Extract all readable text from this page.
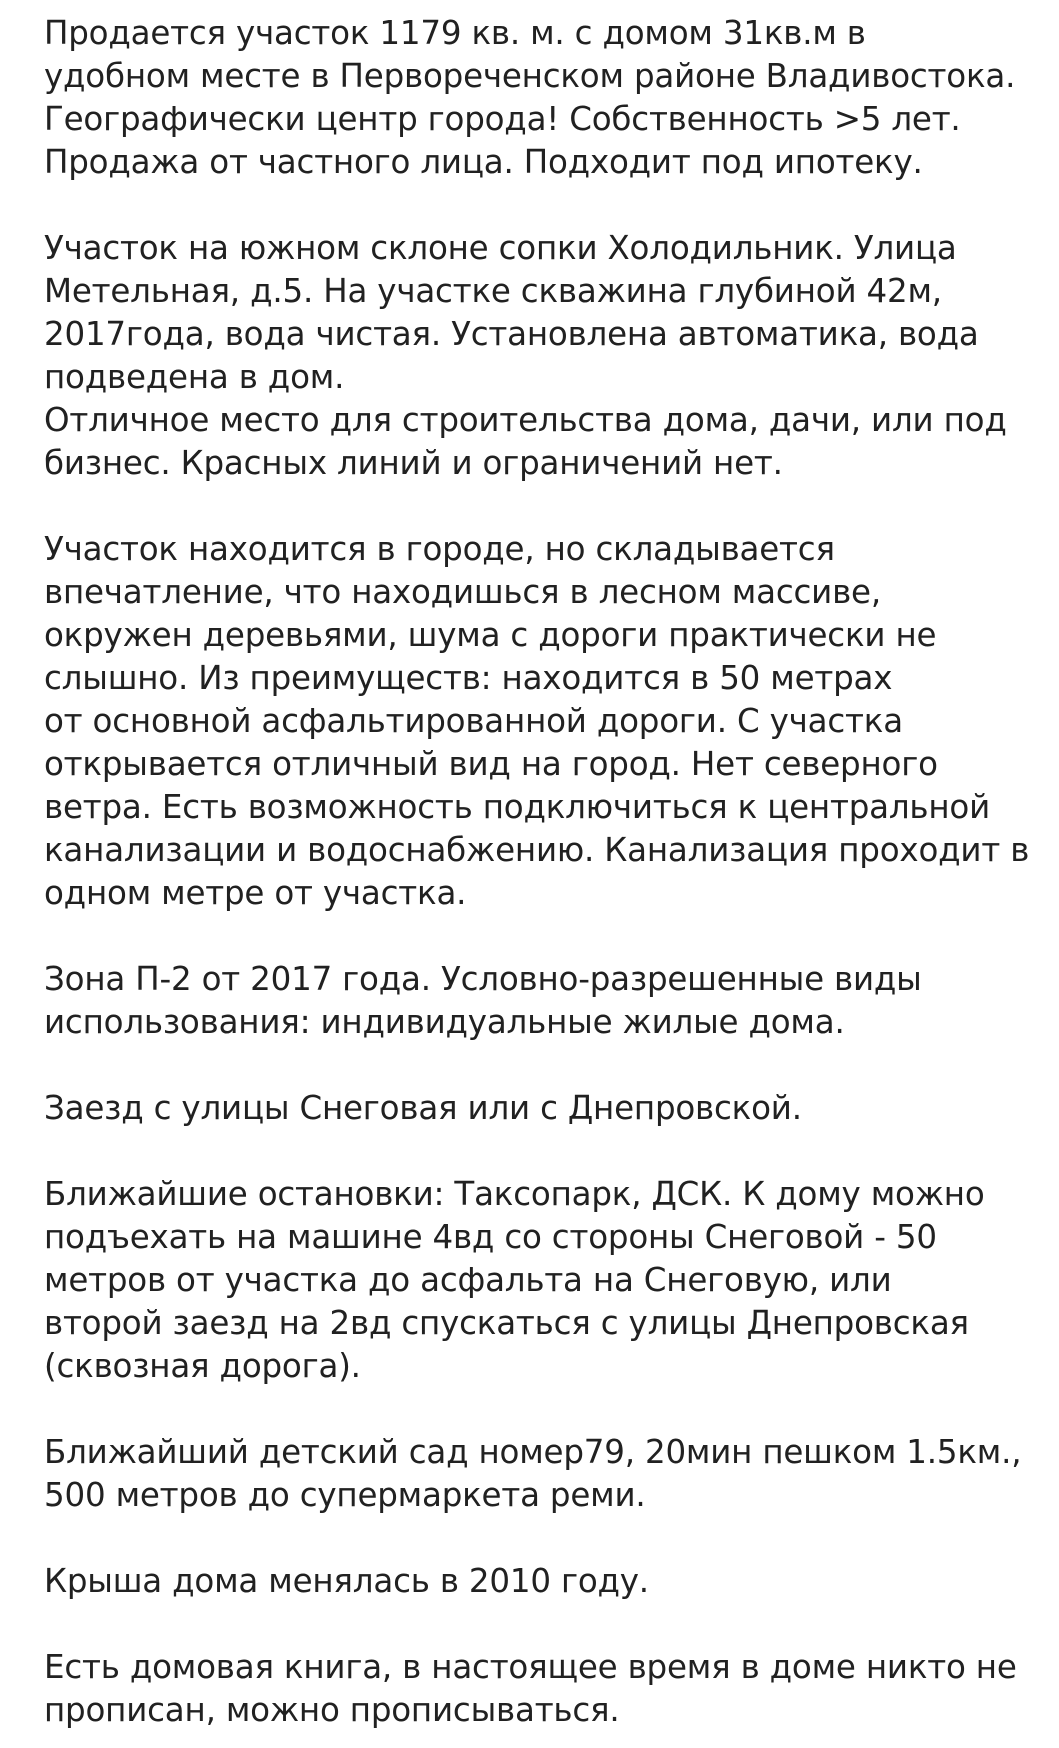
Продается участок 1179 кв. м. с домом 31кв.м в
удобном месте в Первореченском районе Владивостока.
Географически центр города! Собственность >5 лет.
Продажа от частного лица. Подходит под ипотеку.
Участок на южном склоне сопки Холодильник. Улица
Метельная, д.5. На участке скважина глубиной 42м,
2017года, вода чистая. Установлена автоматика, вода
подведена в дом.
Отличное место для строительства дома, дачи, или под
бизнес. Красных линий и ограничений нет.
Участок находится в городе, но складывается
впечатление, что находишься в лесном массиве,
окружен деревьями, шума с дороги практически не
слышно. Из преимуществ: находится в 50 метрах
от основной асфальтированной дороги. С участка
открывается отличный вид на город. Нет северного
ветра. Есть возможность подключиться к центральной
канализации и водоснабжению. Канализация проходит в
одном метре от участка.
Зона П-2 от 2017 года. Условно-разрешенные виды
использования: индивидуальные жилые дома.
Заезд с улицы Снеговая или с Днепровской.
Ближайшие остановки: Таксопарк, ДСК. К дому можно
подъехать на машине 4вд со стороны Снеговой - 50
метров от участка до асфальта на Снеговую, или
второй заезд на 2вд спускаться с улицы Днепровская
(сквозная дорога).
Ближайший детский сад номер79, 20мин пешком 1.5км.,
500 метров до супермаркета реми.
Крыша дома менялась в 2010 году.
Есть домовая книга, в настоящее время в доме никто не
прописан, можно прописываться.
